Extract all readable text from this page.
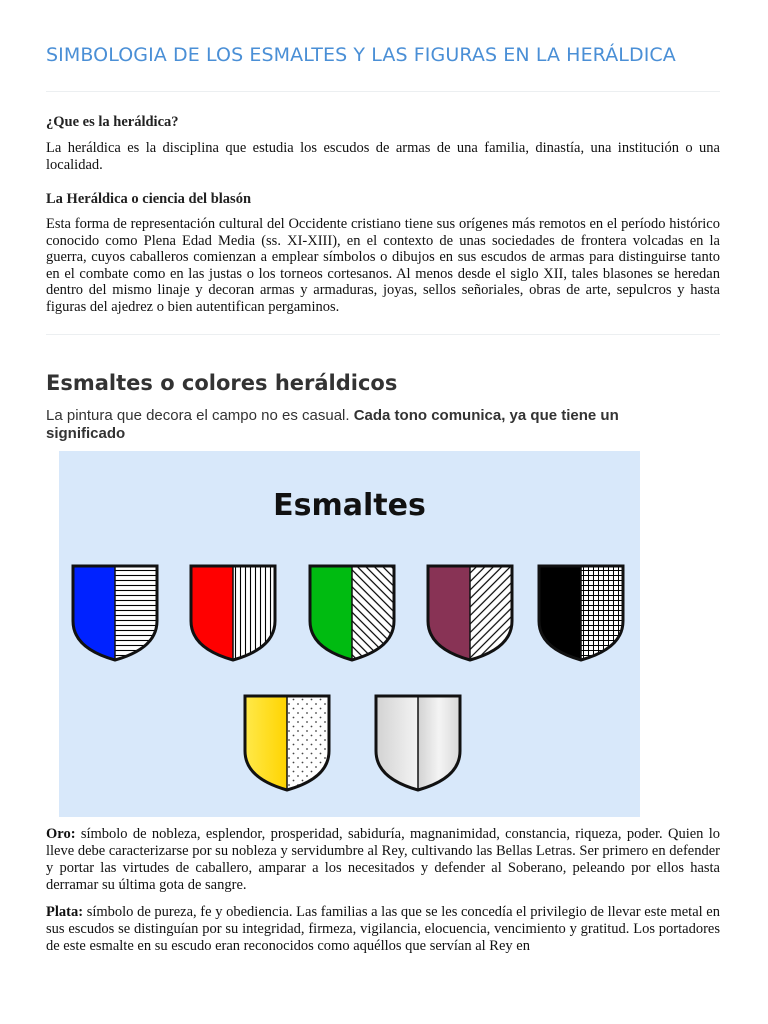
SIMBOLOGIA DE LOS ESMALTES Y LAS FIGURAS EN LA HERÁLDICA
¿Que es la heráldica?

La heráldica es la disciplina que estudia los escudos de armas de una familia, dinastía, una institución o una localidad.

La Heráldica o ciencia del blasón

Esta forma de representación cultural del Occidente cristiano tiene sus orígenes más remotos en el período histórico conocido como Plena Edad Media (ss. XI-XIII), en el contexto de unas sociedades de frontera volcadas en la guerra, cuyos caballeros comienzan a emplear símbolos o dibujos en sus escudos de armas para distinguirse tanto en el combate como en las justas o los torneos cortesanos. Al menos desde el siglo XII, tales blasones se heredan dentro del mismo linaje y decoran armas y armaduras, joyas, sellos señoriales, obras de arte, sepulcros y hasta figuras del ajedrez o bien autentifican pergaminos.

Esmaltes o colores heráldicos
La pintura que decora el campo no es casual. Cada tono comunica, ya que tiene un significado
Esmaltes

Oro: símbolo de nobleza, esplendor, prosperidad, sabiduría, magnanimidad, constancia, riqueza, poder. Quien lo lleve debe caracterizarse por su nobleza y servidumbre al Rey, cultivando las Bellas Letras. Ser primero en defender y portar las virtudes de caballero, amparar a los necesitados y defender al Soberano, peleando por ellos hasta derramar su última gota de sangre.

Plata: símbolo de pureza, fe y obediencia. Las familias a las que se les concedía el privilegio de llevar este metal en sus escudos se distinguían por su integridad, firmeza, vigilancia, elocuencia, vencimiento y gratitud. Los portadores de este esmalte en su escudo eran reconocidos como aquéllos que servían al Rey en
